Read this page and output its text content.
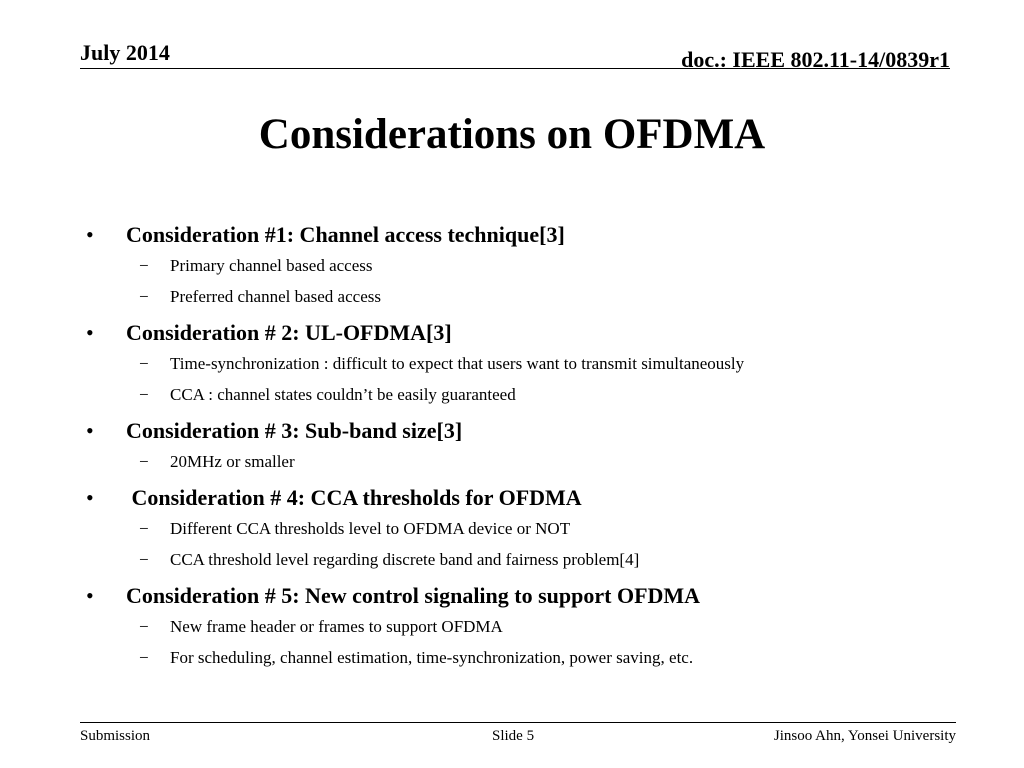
July 2014	doc.: IEEE 802.11-14/0839r1
Considerations on OFDMA
• Consideration #1: Channel access technique[3]
− Primary channel based access
− Preferred channel based access
• Consideration # 2: UL-OFDMA[3]
− Time-synchronization : difficult to expect that users want to transmit simultaneously
− CCA : channel states couldn’t be easily guaranteed
• Consideration # 3: Sub-band size[3]
− 20MHz or smaller
• Consideration # 4: CCA thresholds for OFDMA
− Different CCA thresholds level to OFDMA device or NOT
− CCA threshold level regarding discrete band and fairness problem[4]
• Consideration # 5: New control signaling to support OFDMA
− New frame header or frames to support OFDMA
− For scheduling, channel estimation, time-synchronization, power saving, etc.
Submission	Slide 5	Jinsoo Ahn, Yonsei University
